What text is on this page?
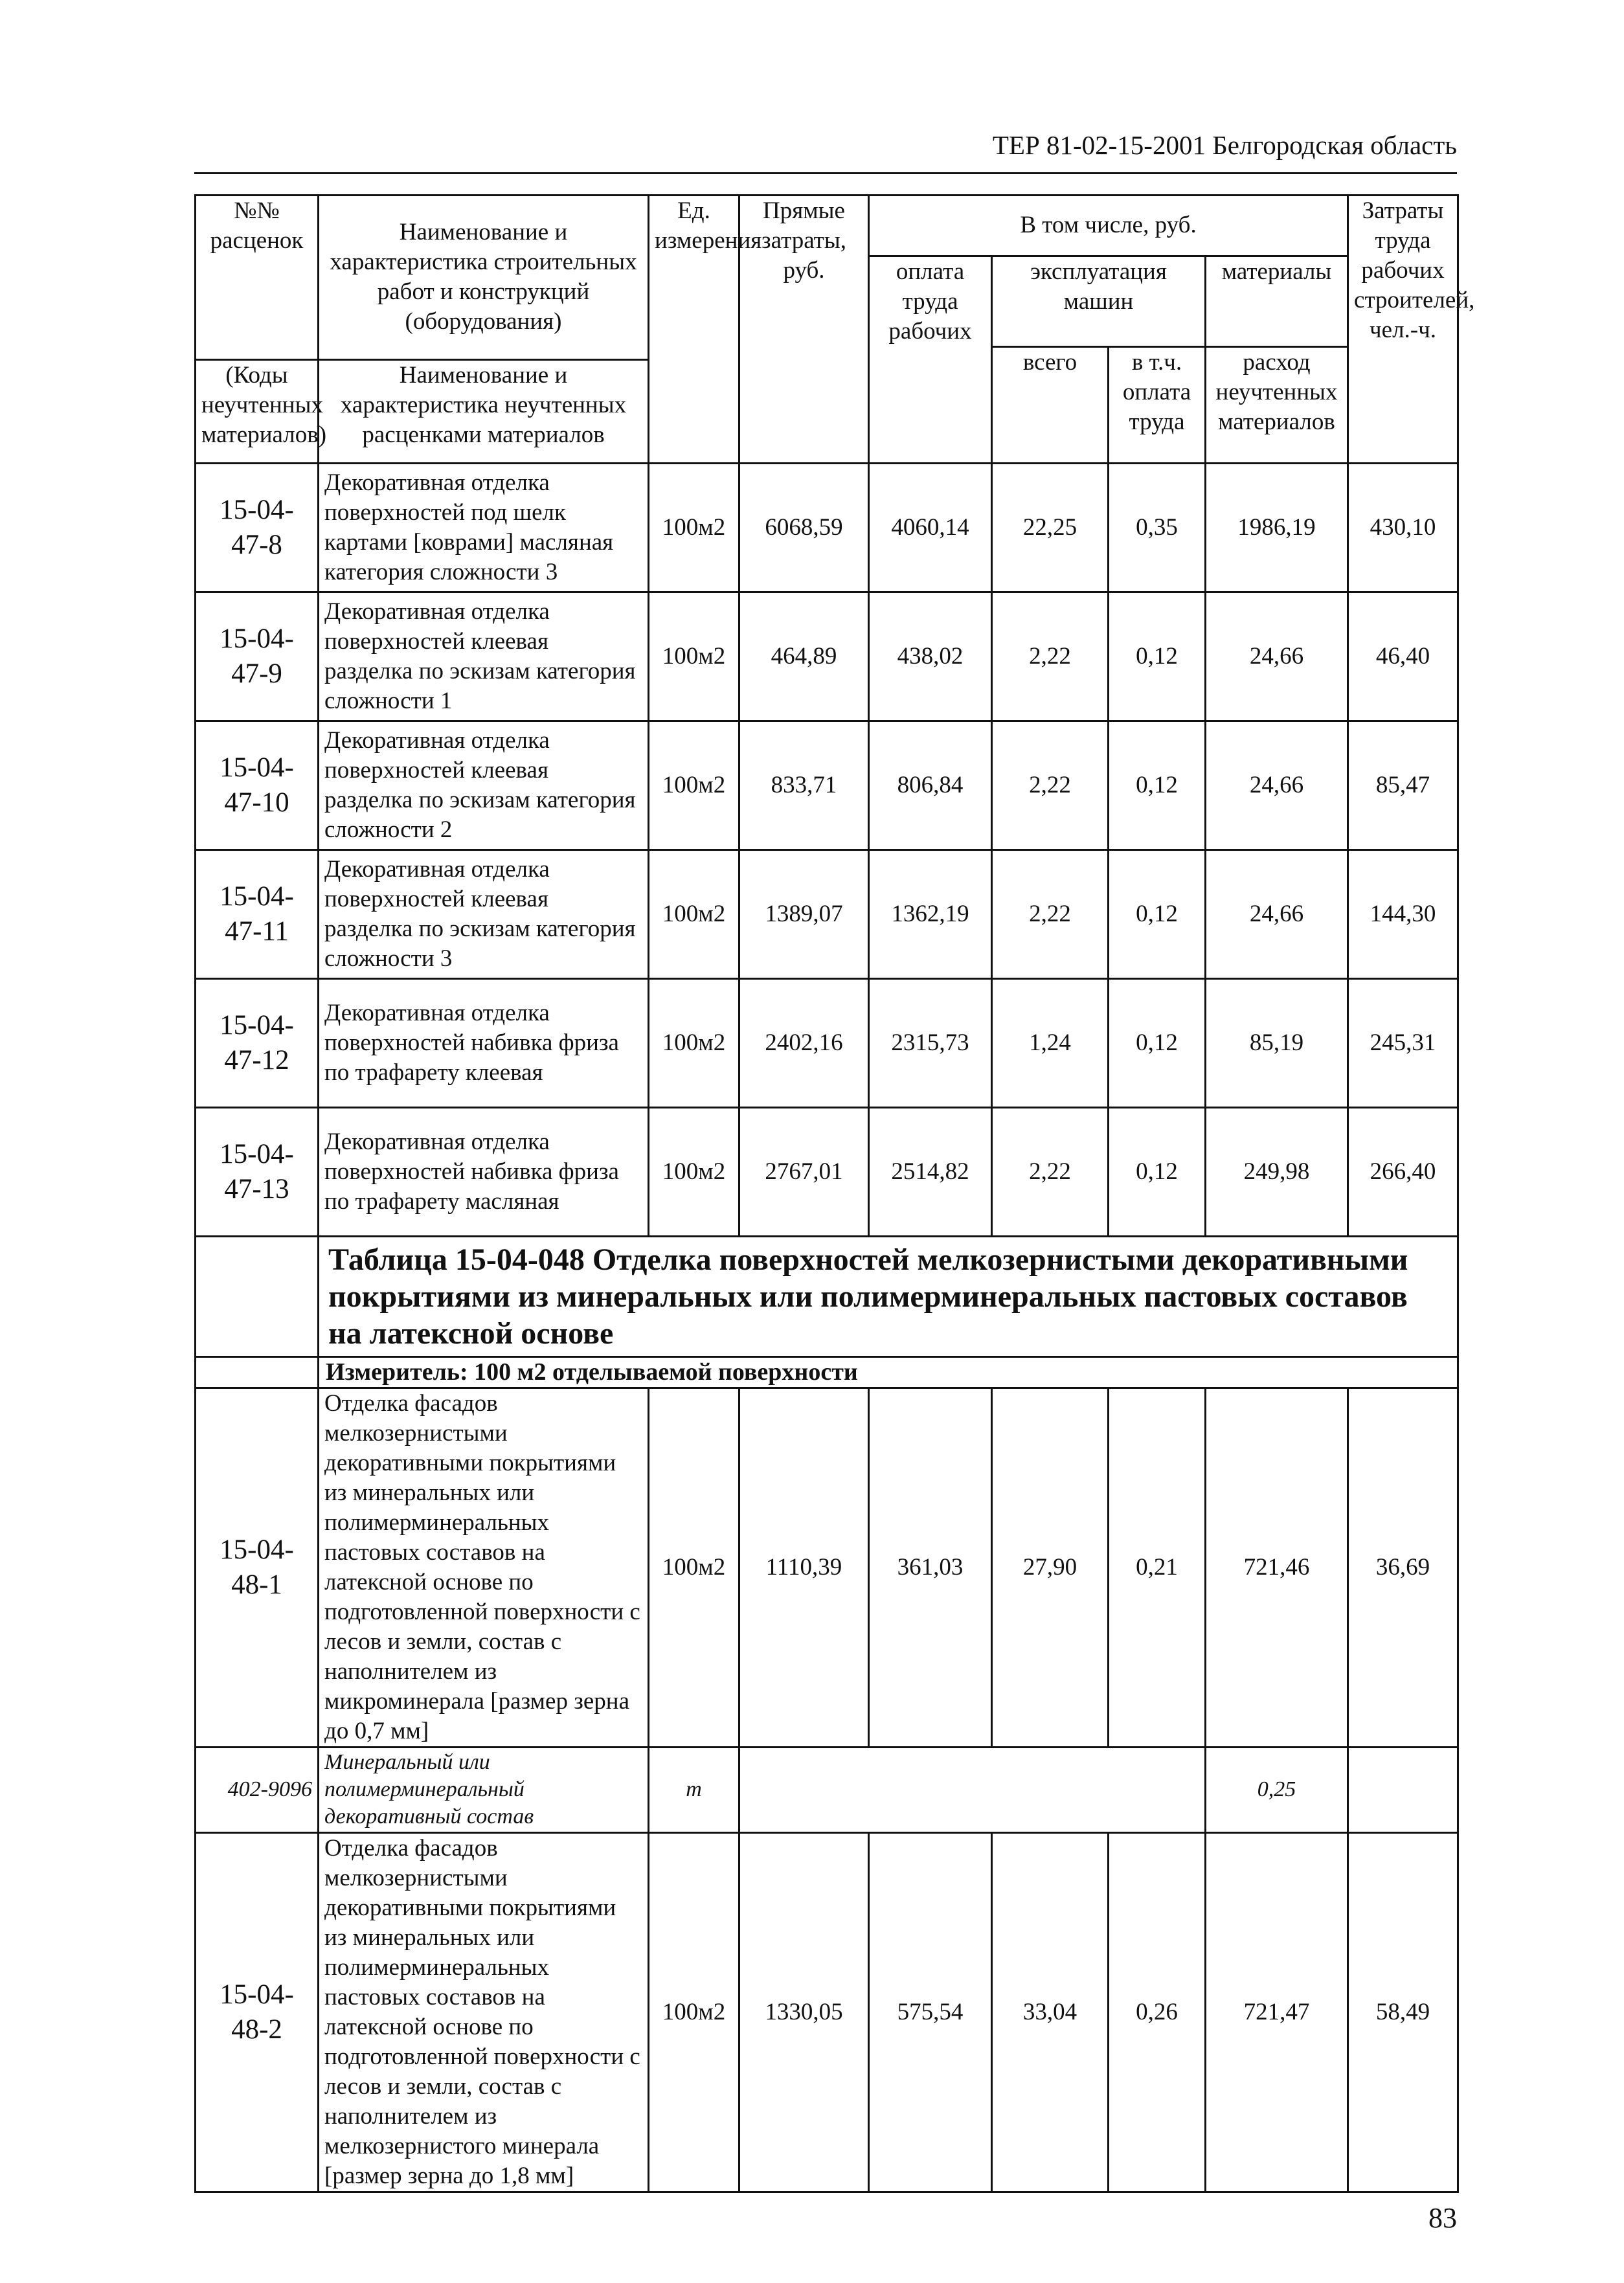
ТЕР 81-02-15-2001 Белгородская область
№№ расценок	Наименование и характеристика строительных работ и конструкций (оборудования)	Ед. измерения	Прямые затраты, руб.	В том числе, руб.				Затраты труда рабочих строителей, чел.-ч.
				оплата труда рабочих	эксплуатация машин		материалы	
					всего	в т.ч. оплата труда	расход неучтенных материалов	
(Коды неучтенных материалов)	Наименование и характеристика неучтенных расценками материалов							

15-04-47-8	Декоративная отделка поверхностей под шелк картами [коврами] масляная категория сложности 3	100м2	6068,59	4060,14	22,25	0,35	1986,19	430,10
15-04-47-9	Декоративная отделка поверхностей клеевая разделка по эскизам категория сложности 1	100м2	464,89	438,02	2,22	0,12	24,66	46,40
15-04-47-10	Декоративная отделка поверхностей клеевая разделка по эскизам категория сложности 2	100м2	833,71	806,84	2,22	0,12	24,66	85,47
15-04-47-11	Декоративная отделка поверхностей клеевая разделка по эскизам категория сложности 3	100м2	1389,07	1362,19	2,22	0,12	24,66	144,30
15-04-47-12	Декоративная отделка поверхностей набивка фриза по трафарету клеевая	100м2	2402,16	2315,73	1,24	0,12	85,19	245,31
15-04-47-13	Декоративная отделка поверхностей набивка фриза по трафарету масляная	100м2	2767,01	2514,82	2,22	0,12	249,98	266,40
	Таблица 15-04-048 Отделка поверхностей мелкозернистыми декоративными покрытиями из минеральных или полимерминеральных пастовых составов на латексной основе							
	Измеритель: 100 м2 отделываемой поверхности							
15-04-48-1	Отделка фасадов мелкозернистыми декоративными покрытиями из минеральных или полимерминеральных пастовых составов на латексной основе по подготовленной поверхности с лесов и земли, состав с наполнителем из микроминерала [размер зерна до 0,7 мм]	100м2	1110,39	361,03	27,90	0,21	721,46	36,69
402-9096	Минеральный или полимерминеральный декоративный состав	т					0,25	
15-04-48-2	Отделка фасадов мелкозернистыми декоративными покрытиями из минеральных или полимерминеральных пастовых составов на латексной основе по подготовленной поверхности с лесов и земли, состав с наполнителем из мелкозернистого минерала [размер зерна до 1,8 мм]	100м2	1330,05	575,54	33,04	0,26	721,47	58,49
83
